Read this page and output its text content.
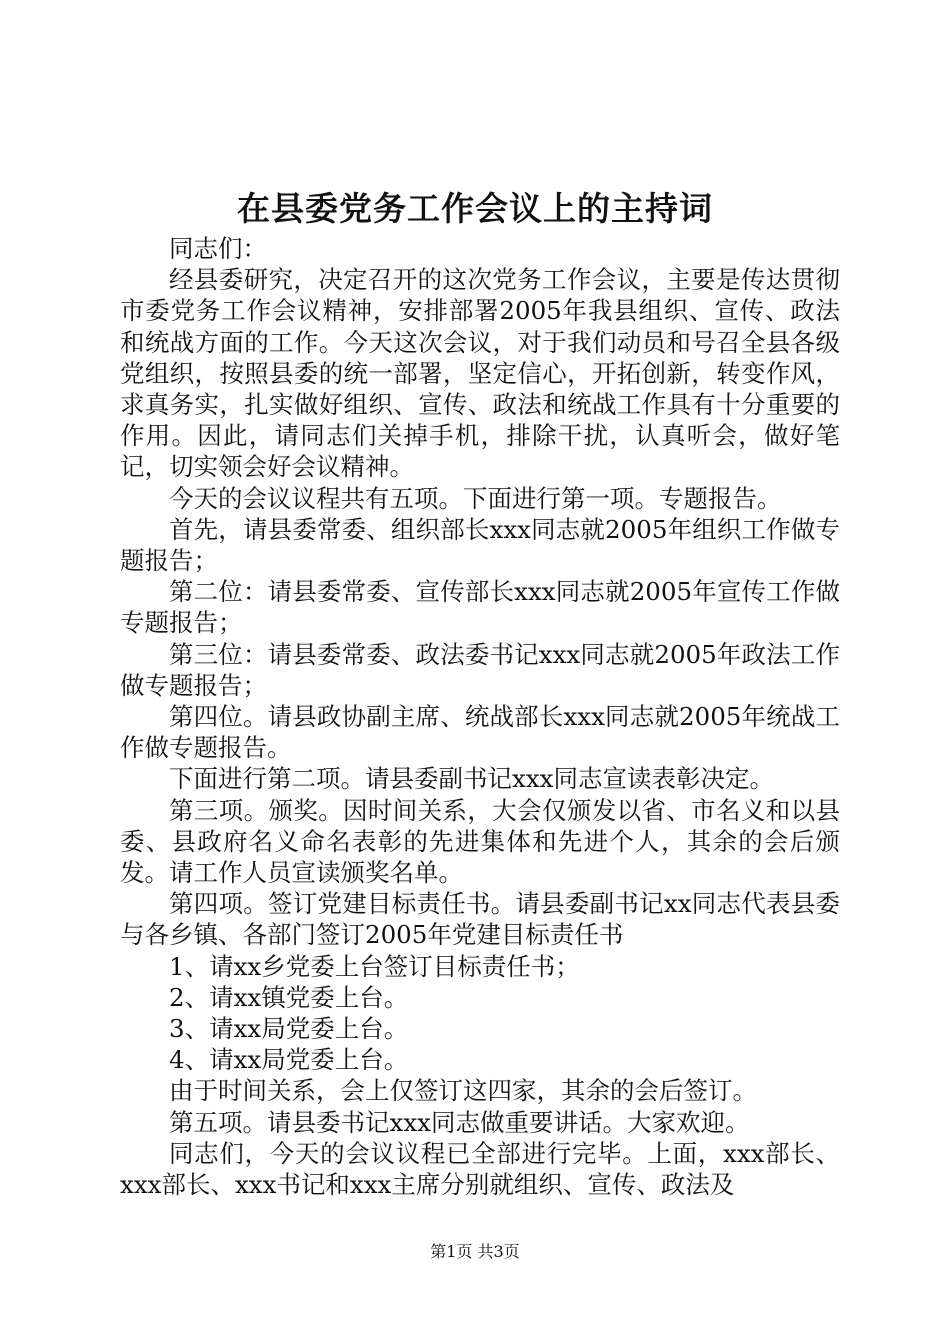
在县委党务工作会议上的主持词

同志们：

经县委研究，决定召开的这次党务工作会议，主要是传达贯彻市委党务工作会议精神，安排部署2005年我县组织、宣传、政法和统战方面的工作。今天这次会议，对于我们动员和号召全县各级党组织，按照县委的统一部署，坚定信心，开拓创新，转变作风，求真务实，扎实做好组织、宣传、政法和统战工作具有十分重要的作用。因此，请同志们关掉手机，排除干扰，认真听会，做好笔记，切实领会好会议精神。

今天的会议议程共有五项。下面进行第一项。专题报告。

首先，请县委常委、组织部长xxx同志就2005年组织工作做专题报告；

第二位：请县委常委、宣传部长xxx同志就2005年宣传工作做专题报告；

第三位：请县委常委、政法委书记xxx同志就2005年政法工作做专题报告；

第四位。请县政协副主席、统战部长xxx同志就2005年统战工作做专题报告。

下面进行第二项。请县委副书记xxx同志宣读表彰决定。

第三项。颁奖。因时间关系，大会仅颁发以省、市名义和以县委、县政府名义命名表彰的先进集体和先进个人，其余的会后颁发。请工作人员宣读颁奖名单。

第四项。签订党建目标责任书。请县委副书记xx同志代表县委与各乡镇、各部门签订2005年党建目标责任书

1、请xx乡党委上台签订目标责任书；

2、请xx镇党委上台。

3、请xx局党委上台。

4、请xx局党委上台。

由于时间关系，会上仅签订这四家，其余的会后签订。

第五项。请县委书记xxx同志做重要讲话。大家欢迎。

同志们，今天的会议议程已全部进行完毕。上面，xxx部长、xxx部长、xxx书记和xxx主席分别就组织、宣传、政法及

第1页 共3页
